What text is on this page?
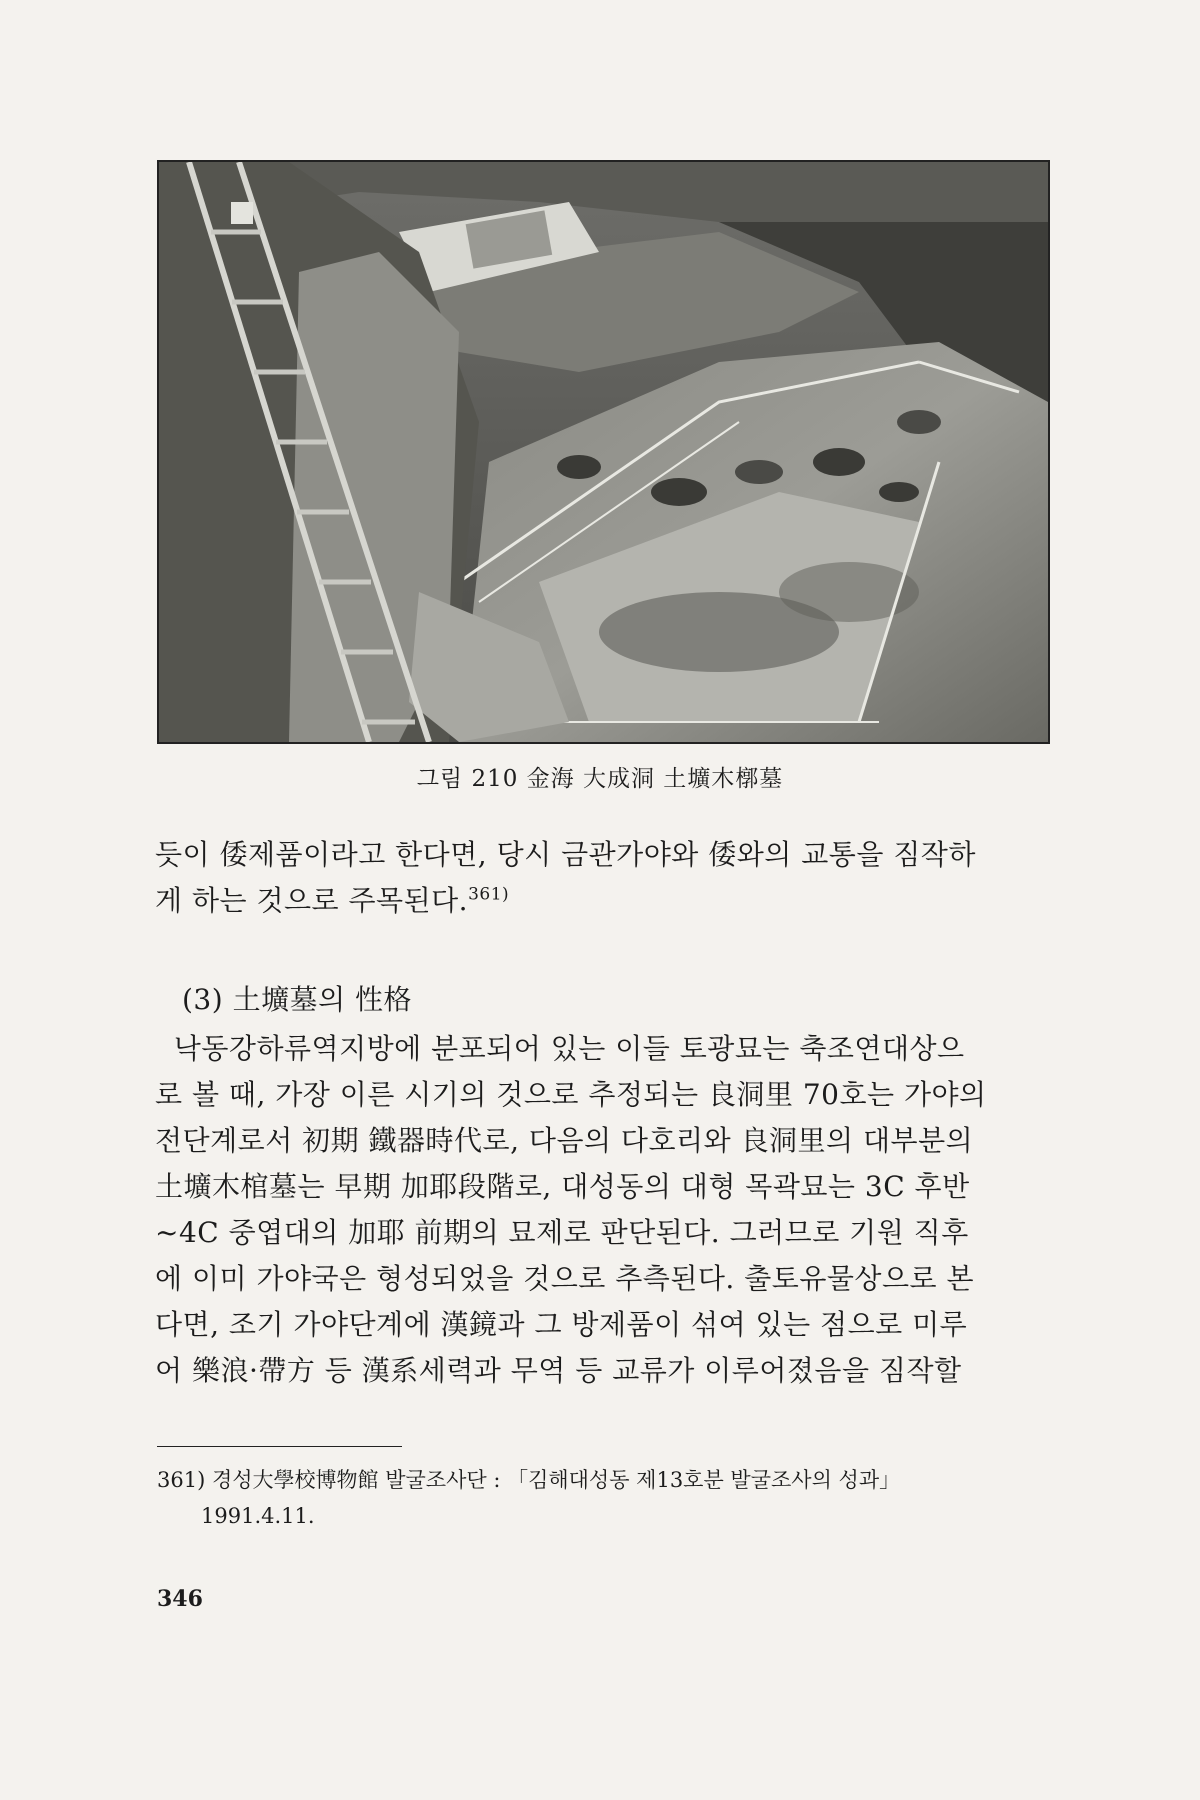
그림 210 金海 大成洞 土壙木槨墓
듯이 倭제품이라고 한다면, 당시 금관가야와 倭와의 교통을 짐작하
게 하는 것으로 주목된다.$^{361)}$
(3) 土壙墓의 性格
낙동강하류역지방에 분포되어 있는 이들 토광묘는 축조연대상으
로 볼 때, 가장 이른 시기의 것으로 추정되는 良洞里 70호는 가야의
전단계로서 初期 鐵器時代로, 다음의 다호리와 良洞里의 대부분의
土壙木棺墓는 早期 加耶段階로, 대성동의 대형 목곽묘는 3C 후반
~4C 중엽대의 加耶 前期의 묘제로 판단된다. 그러므로 기원 직후
에 이미 가야국은 형성되었을 것으로 추측된다. 출토유물상으로 본
다면, 조기 가야단계에 漢鏡과 그 방제품이 섞여 있는 점으로 미루
어 樂浪·帶方 등 漢系세력과 무역 등 교류가 이루어졌음을 짐작할
361) 경성大學校博物館 발굴조사단 : 「김해대성동 제13호분 발굴조사의 성과」
1991.4.11.
346
